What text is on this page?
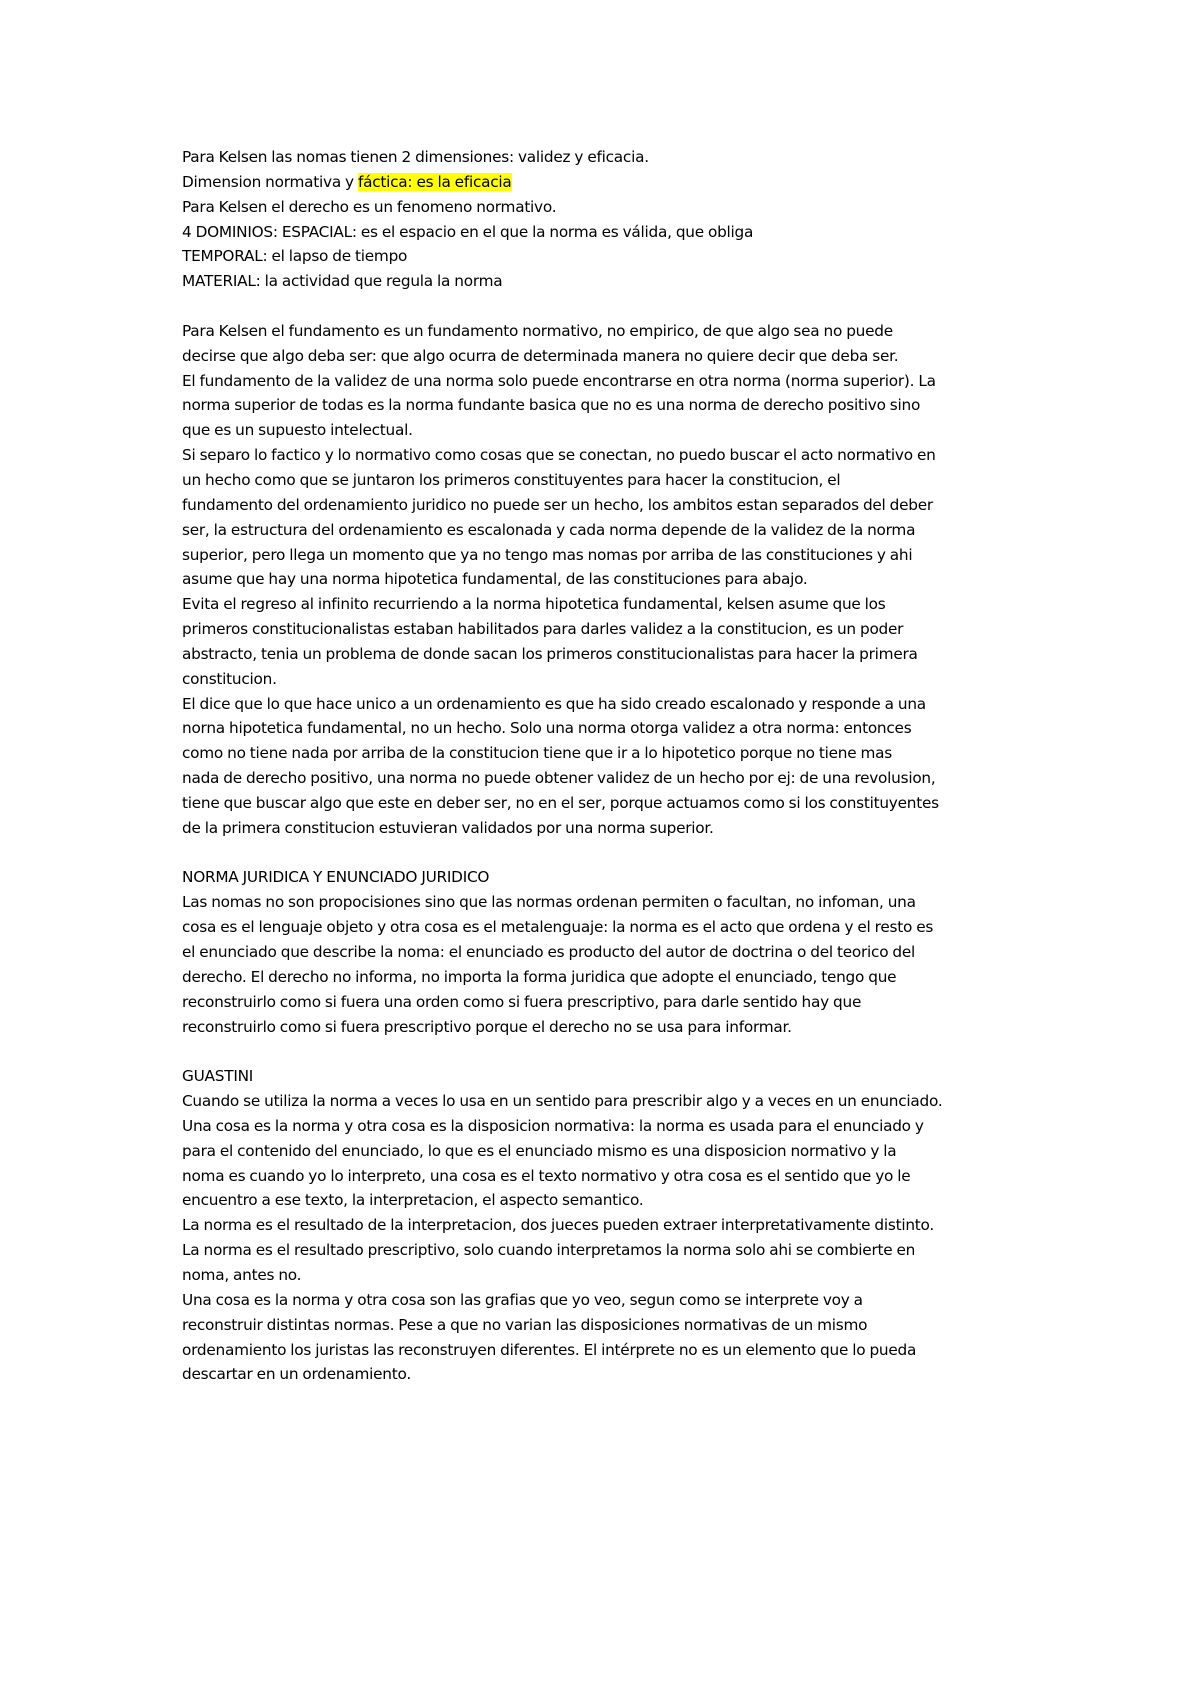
Para Kelsen las nomas tienen 2 dimensiones: validez y eficacia.
Dimension normativa y fáctica: es la eficacia
Para Kelsen el derecho es un fenomeno normativo.
4 DOMINIOS: ESPACIAL: es el espacio en el que la norma es válida, que obliga
TEMPORAL: el lapso de tiempo
MATERIAL: la actividad que regula la norma
Para Kelsen el fundamento es un fundamento normativo, no empirico, de que algo sea no puede
decirse que algo deba ser: que algo ocurra de determinada manera no quiere decir que deba ser.
El fundamento de la validez de una norma solo puede encontrarse en otra norma (norma superior). La
norma superior de todas es la norma fundante basica que no es una norma de derecho positivo sino
que es un supuesto intelectual.
Si separo lo factico y lo normativo como cosas que se conectan, no puedo buscar el acto normativo en
un hecho como que se juntaron los primeros constituyentes para hacer la constitucion, el
fundamento del ordenamiento juridico no puede ser un hecho, los ambitos estan separados del deber
ser, la estructura del ordenamiento es escalonada y cada norma depende de la validez de la norma
superior, pero llega un momento que ya no tengo mas nomas por arriba de las constituciones y ahi
asume que hay una norma hipotetica fundamental, de las constituciones para abajo.
Evita el regreso al infinito recurriendo a la norma hipotetica fundamental, kelsen asume que los
primeros constitucionalistas estaban habilitados para darles validez a la constitucion, es un poder
abstracto, tenia un problema de donde sacan los primeros constitucionalistas para hacer la primera
constitucion.
El dice que lo que hace unico a un ordenamiento es que ha sido creado escalonado y responde a una
norna hipotetica fundamental, no un hecho. Solo una norma otorga validez a otra norma: entonces
como no tiene nada por arriba de la constitucion tiene que ir a lo hipotetico porque no tiene mas
nada de derecho positivo, una norma no puede obtener validez de un hecho por ej: de una revolusion,
tiene que buscar algo que este en deber ser, no en el ser, porque actuamos como si los constituyentes
de la primera constitucion estuvieran validados por una norma superior.
NORMA JURIDICA Y ENUNCIADO JURIDICO
Las nomas no son propocisiones sino que las normas ordenan permiten o facultan, no infoman, una
cosa es el lenguaje objeto y otra cosa es el metalenguaje: la norma es el acto que ordena y el resto es
el enunciado que describe la noma: el enunciado es producto del autor de doctrina o del teorico del
derecho. El derecho no informa, no importa la forma juridica que adopte el enunciado, tengo que
reconstruirlo como si fuera una orden como si fuera prescriptivo, para darle sentido hay que
reconstruirlo como si fuera prescriptivo porque el derecho no se usa para informar.
GUASTINI
Cuando se utiliza la norma a veces lo usa en un sentido para prescribir algo y a veces en un enunciado.
Una cosa es la norma y otra cosa es la disposicion normativa: la norma es usada para el enunciado y
para el contenido del enunciado, lo que es el enunciado mismo es una disposicion normativo y la
noma es cuando yo lo interpreto, una cosa es el texto normativo y otra cosa es el sentido que yo le
encuentro a ese texto, la interpretacion, el aspecto semantico.
La norma es el resultado de la interpretacion, dos jueces pueden extraer interpretativamente distinto.
La norma es el resultado prescriptivo, solo cuando interpretamos la norma solo ahi se combierte en
noma, antes no.
Una cosa es la norma y otra cosa son las grafias que yo veo, segun como se interprete voy a
reconstruir distintas normas. Pese a que no varian las disposiciones normativas de un mismo
ordenamiento los juristas las reconstruyen diferentes. El intérprete no es un elemento que lo pueda
descartar en un ordenamiento.
